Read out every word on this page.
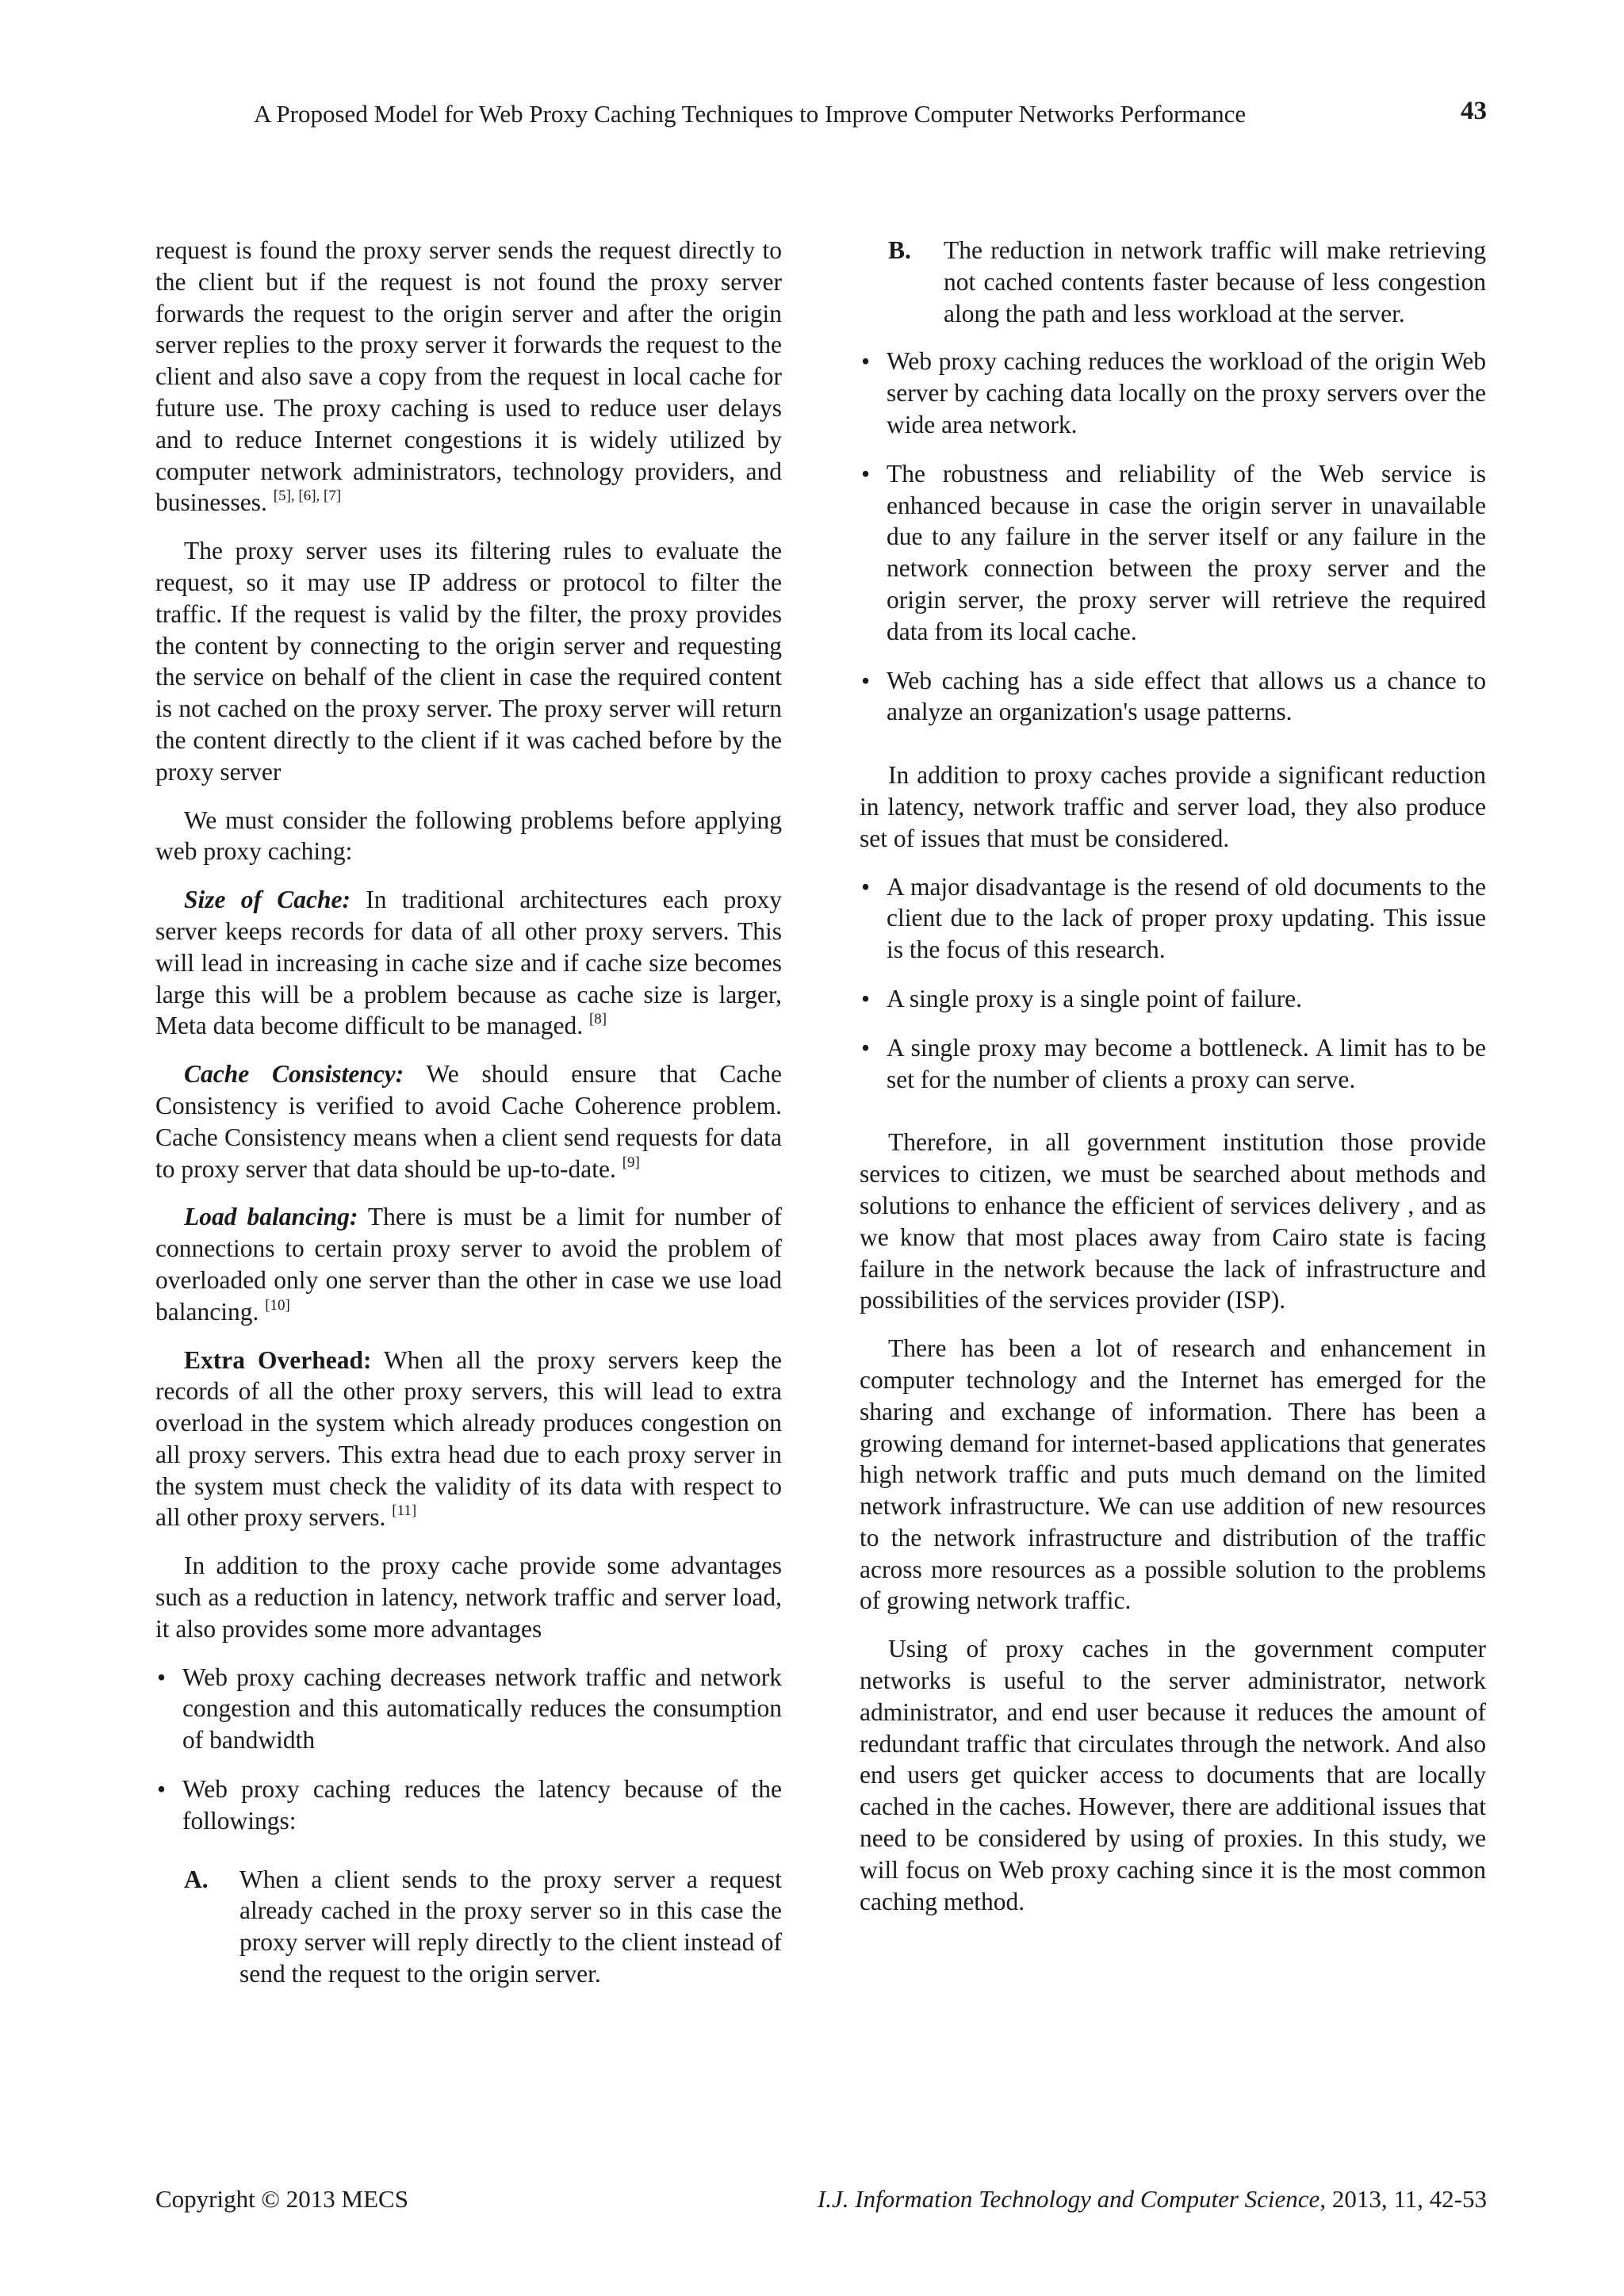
A Proposed Model for Web Proxy Caching Techniques to Improve Computer Networks Performance	43

request is found the proxy server sends the request directly to the client but if the request is not found the proxy server forwards the request to the origin server and after the origin server replies to the proxy server it forwards the request to the client and also save a copy from the request in local cache for future use. The proxy caching is used to reduce user delays and to reduce Internet congestions it is widely utilized by computer network administrators, technology providers, and businesses. [5], [6], [7]

The proxy server uses its filtering rules to evaluate the request, so it may use IP address or protocol to filter the traffic. If the request is valid by the filter, the proxy provides the content by connecting to the origin server and requesting the service on behalf of the client in case the required content is not cached on the proxy server. The proxy server will return the content directly to the client if it was cached before by the proxy server

We must consider the following problems before applying web proxy caching:

Size of Cache: In traditional architectures each proxy server keeps records for data of all other proxy servers. This will lead in increasing in cache size and if cache size becomes large this will be a problem because as cache size is larger, Meta data become difficult to be managed. [8]

Cache Consistency: We should ensure that Cache Consistency is verified to avoid Cache Coherence problem. Cache Consistency means when a client send requests for data to proxy server that data should be up-to-date. [9]

Load balancing: There is must be a limit for number of connections to certain proxy server to avoid the problem of overloaded only one server than the other in case we use load balancing. [10]

Extra Overhead: When all the proxy servers keep the records of all the other proxy servers, this will lead to extra overload in the system which already produces congestion on all proxy servers. This extra head due to each proxy server in the system must check the validity of its data with respect to all other proxy servers. [11]

In addition to the proxy cache provide some advantages such as a reduction in latency, network traffic and server load, it also provides some more advantages

• Web proxy caching decreases network traffic and network congestion and this automatically reduces the consumption of bandwidth
• Web proxy caching reduces the latency because of the followings:
A.	When a client sends to the proxy server a request already cached in the proxy server so in this case the proxy server will reply directly to the client instead of send the request to the origin server.
B.	The reduction in network traffic will make retrieving not cached contents faster because of less congestion along the path and less workload at the server.
• Web proxy caching reduces the workload of the origin Web server by caching data locally on the proxy servers over the wide area network.
• The robustness and reliability of the Web service is enhanced because in case the origin server in unavailable due to any failure in the server itself or any failure in the network connection between the proxy server and the origin server, the proxy server will retrieve the required data from its local cache.
• Web caching has a side effect that allows us a chance to analyze an organization's usage patterns.

In addition to proxy caches provide a significant reduction in latency, network traffic and server load, they also produce set of issues that must be considered.

• A major disadvantage is the resend of old documents to the client due to the lack of proper proxy updating. This issue is the focus of this research.
• A single proxy is a single point of failure.
• A single proxy may become a bottleneck. A limit has to be set for the number of clients a proxy can serve.

Therefore, in all government institution those provide services to citizen, we must be searched about methods and solutions to enhance the efficient of services delivery , and as we know that most places away from Cairo state is facing failure in the network because the lack of infrastructure and possibilities of the services provider (ISP).

There has been a lot of research and enhancement in computer technology and the Internet has emerged for the sharing and exchange of information. There has been a growing demand for internet-based applications that generates high network traffic and puts much demand on the limited network infrastructure. We can use addition of new resources to the network infrastructure and distribution of the traffic across more resources as a possible solution to the problems of growing network traffic.

Using of proxy caches in the government computer networks is useful to the server administrator, network administrator, and end user because it reduces the amount of redundant traffic that circulates through the network. And also end users get quicker access to documents that are locally cached in the caches. However, there are additional issues that need to be considered by using of proxies. In this study, we will focus on Web proxy caching since it is the most common caching method.

Copyright © 2013 MECS	I.J. Information Technology and Computer Science, 2013, 11, 42-53
